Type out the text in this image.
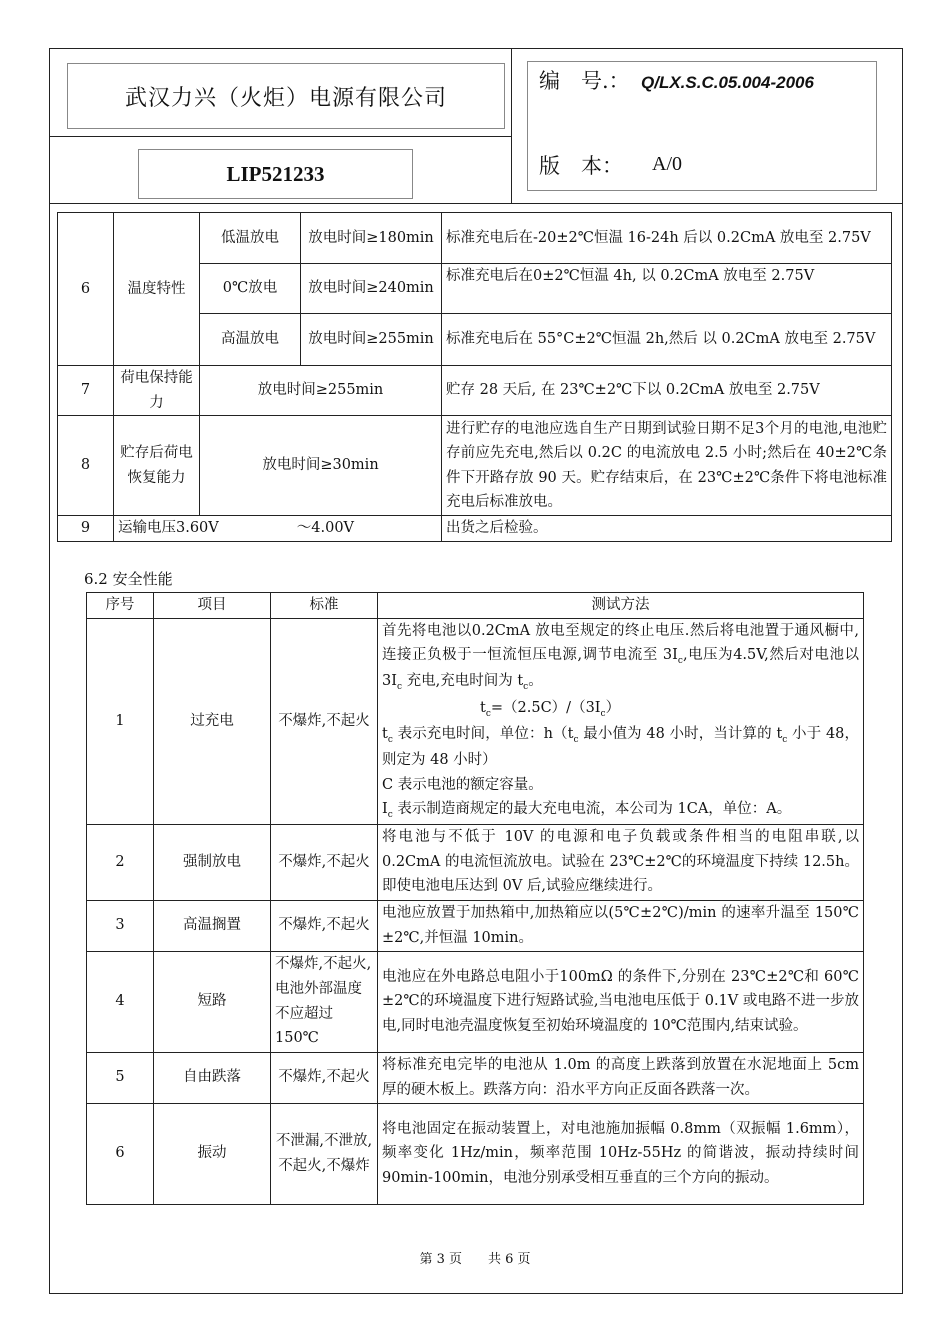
武汉力兴（火炬）电源有限公司
LIP521233
编　号.： Q/LX.S.C.05.004-2006
版　本： A/0
6	温度特性	低温放电	放电时间≥180min	标准充电后在-20±2℃恒温 16-24h 后以 0.2CmA 放电至 2.75V
		0℃放电	放电时间≥240min	标准充电后在0±2℃恒温 4h, 以 0.2CmA 放电至 2.75V
		高温放电	放电时间≥255min	标准充电后在 55°C±2℃恒温 2h,然后 以 0.2CmA 放电至 2.75V
7	荷电保持能力	放电时间≥255min		贮存 28 天后, 在 23℃±2℃下以 0.2CmA 放电至 2.75V
8	贮存后荷电恢复能力	放电时间≥30min		进行贮存的电池应选自生产日期到试验日期不足3个月的电池,电池贮存前应先充电,然后以 0.2C 的电流放电 2.5 小时;然后在 40±2℃条件下开路存放 90 天。贮存结束后，在 23℃±2℃条件下将电池标准充电后标准放电。
9	运输电压3.60V ～4.00V			出货之后检验。
6.2 安全性能
序号	项目	标准	测试方法
1	过充电	不爆炸,不起火	首先将电池以0.2CmA 放电至规定的终止电压.然后将电池置于通风橱中, 连接正负极于一恒流恒压电源,调节电流至 $3I_c$,电压为4.5V,然后对电池以 $3I_c$ 充电,充电时间为 $t_c$。
$t_c=(2.5C)/(3I_c)$
$t_c$ 表示充电时间，单位：$h(t_c$ 最小值为 48 小时，当计算的 $t_c$ 小于 48，则定为 48 小时）
C 表示电池的额定容量。
$I_c$ 表示制造商规定的最大充电电流，本公司为 1CA，单位：A。

2	强制放电	不爆炸,不起火	将电池与不低于 10V 的电源和电子负载或条件相当的电阻串联,以 0.2CmA 的电流恒流放电。试验在 23℃±2℃的环境温度下持续 12.5h。即使电池电压达到 0V 后,试验应继续进行。
3	高温搁置	不爆炸,不起火	电池应放置于加热箱中,加热箱应以(5℃±2℃)/min 的速率升温至 150℃±2℃,并恒温 10min。
4	短路	不爆炸,不起火,电池外部温度不应超过 150℃	电池应在外电路总电阻小于100mΩ 的条件下,分别在 23℃±2℃和 60℃±2℃的环境温度下进行短路试验,当电池电压低于 0.1V 或电路不进一步放电,同时电池壳温度恢复至初始环境温度的 10℃范围内,结束试验。
5	自由跌落	不爆炸,不起火	将标准充电完毕的电池从 1.0m 的高度上跌落到放置在水泥地面上 5cm 厚的硬木板上。跌落方向：沿水平方向正反面各跌落一次。
6	振动	不泄漏,不泄放,不起火,不爆炸	将电池固定在振动装置上，对电池施加振幅 0.8mm（双振幅 1.6mm），频率变化 1Hz/min，频率范围 10Hz-55Hz 的简谐波，振动持续时间 90min-100min，电池分别承受相互垂直的三个方向的振动。
第 3 页　　共 6 页
